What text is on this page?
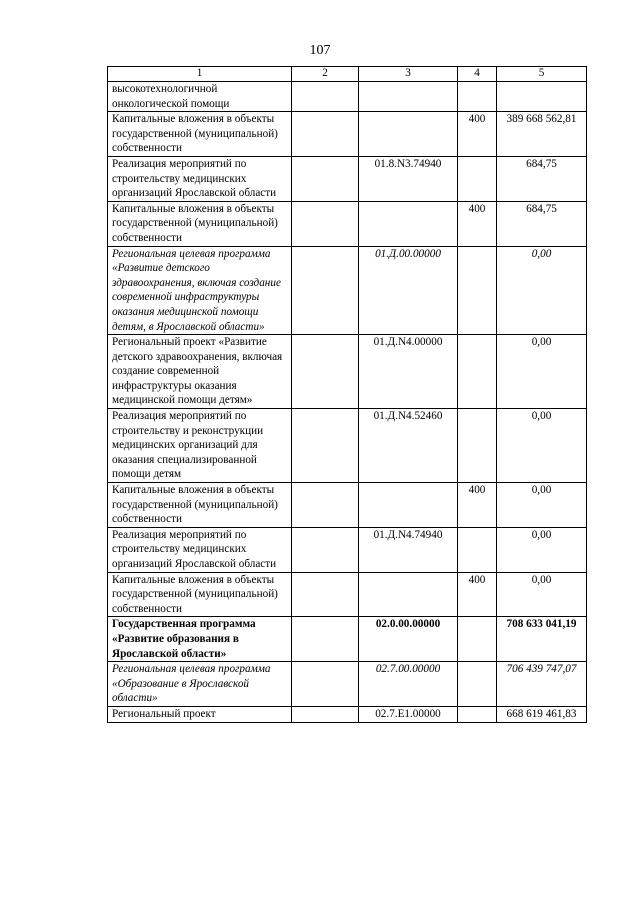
107
1	2	3	4	5
высокотехнологичной онкологической помощи				
Капитальные вложения в объекты государственной (муниципальной) собственности			400	389 668 562,81
Реализация мероприятий по строительству медицинских организаций Ярославской области		01.8.N3.74940		684,75
Капитальные вложения в объекты государственной (муниципальной) собственности			400	684,75
Региональная целевая программа «Развитие детского здравоохранения, включая создание современной инфраструктуры оказания медицинской помощи детям, в Ярославской области»		01.Д.00.00000		0,00
Региональный проект «Развитие детского здравоохранения, включая создание современной инфраструктуры оказания медицинской помощи детям»		01.Д.N4.00000		0,00
Реализация мероприятий по строительству и реконструкции медицинских организаций для оказания специализированной помощи детям		01.Д.N4.52460		0,00
Капитальные вложения в объекты государственной (муниципальной) собственности			400	0,00
Реализация мероприятий по строительству медицинских организаций Ярославской области		01.Д.N4.74940		0,00
Капитальные вложения в объекты государственной (муниципальной) собственности			400	0,00
Государственная программа «Развитие образования в Ярославской области»		02.0.00.00000		708 633 041,19
Региональная целевая программа «Образование в Ярославской области»		02.7.00.00000		706 439 747,07
Региональный проект		02.7.E1.00000		668 619 461,83
